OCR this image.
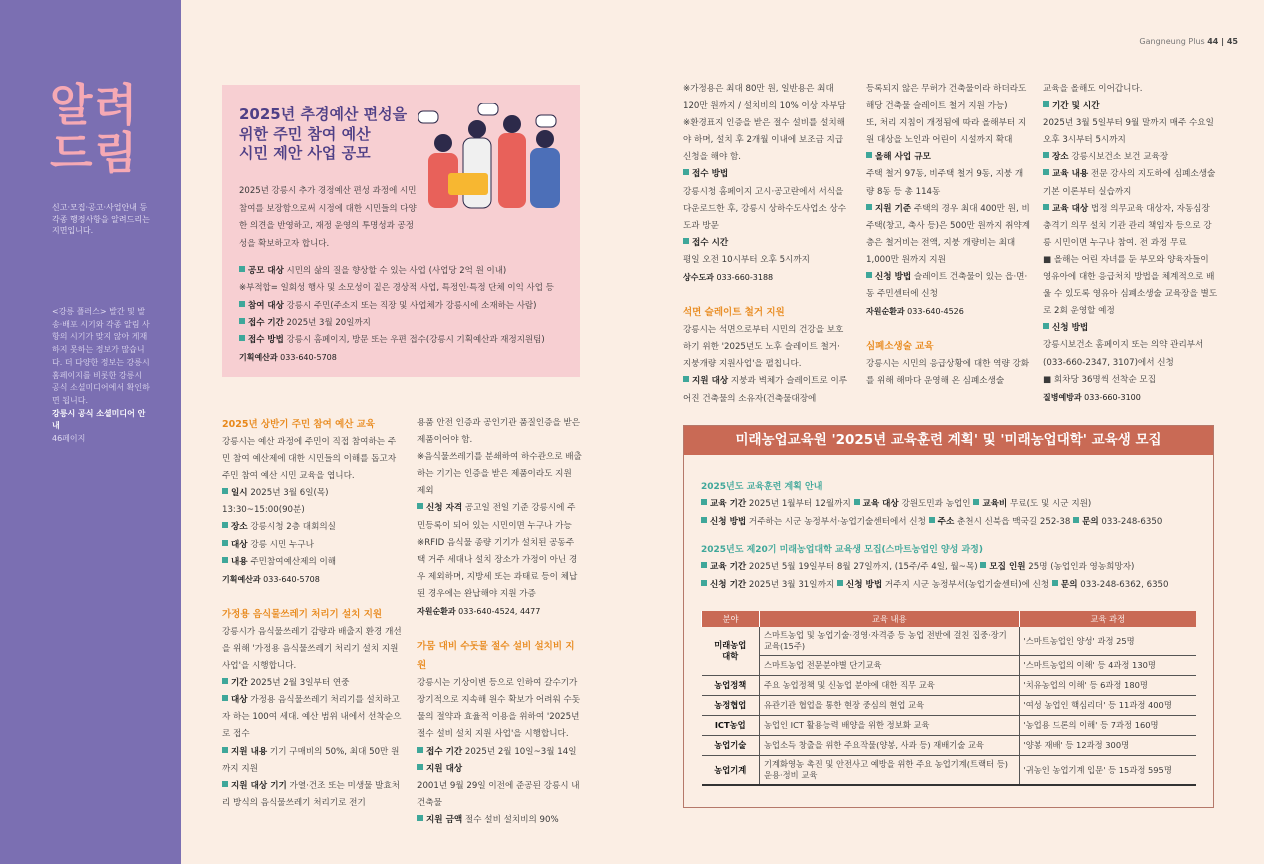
알려
드림
신고·모집·공고·사업안내 등 각종 행정사항을 알려드리는 지면입니다.
<강릉 플러스> 발간 및 발송·배포 시기와 각종 알림 사항의 시기가 맞지 않아 게재하지 못하는 정보가 많습니다. 더 다양한 정보는 강릉시 홈페이지를 비롯한 강릉시 공식 소셜미디어에서 확인하면 됩니다.
강릉시 공식 소셜미디어 안내
46페이지
Gangneung Plus 44 | 45
2025년 추경예산 편성을
위한 주민 참여 예산
시민 제안 사업 공모
2025년 강릉시 추가 경정예산 편성 과정에 시민 참여를 보장함으로써 시정에 대한 시민들의 다양한 의견을 반영하고, 재정 운영의 투명성과 공정성을 확보하고자 합니다.
공모 대상 시민의 삶의 질을 향상할 수 있는 사업 (사업당 2억 원 이내)
※부적합= 일회성 행사 및 소모성이 짙은 경상적 사업, 특정인·특정 단체 이익 사업 등
참여 대상 강릉시 주민(주소지 또는 직장 및 사업체가 강릉시에 소재하는 사람)
접수 기간 2025년 3월 20일까지
접수 방법 강릉시 홈페이지, 방문 또는 우편 접수(강릉시 기획예산과 재정지원팀)
기획예산과 033-640-5708
2025년 상반기 주민 참여 예산 교육

강릉시는 예산 과정에 주민이 직접 참여하는 주민 참여 예산제에 대한 시민들의 이해를 돕고자 주민 참여 예산 시민 교육을 엽니다.

일시 2025년 3월 6일(목) 13:30~15:00(90분)

장소 강릉시청 2층 대회의실

대상 강릉 시민 누구나

내용 주민참여예산제의 이해

기획예산과 033-640-5708

가정용 음식물쓰레기 처리기 설치 지원

강릉시가 음식물쓰레기 감량과 배출지 환경 개선을 위해 '가정용 음식물쓰레기 처리기 설치 지원사업'을 시행합니다.

기간 2025년 2월 3일부터 연중

대상 가정용 음식물쓰레기 처리기를 설치하고자 하는 100여 세대. 예산 범위 내에서 선착순으로 접수

지원 내용 기기 구매비의 50%, 최대 50만 원까지 지원

지원 대상 기기 가열·건조 또는 미생물 발효처리 방식의 음식물쓰레기 처리기로 전기

용품 안전 인증과 공인기관 품질인증을 받은 제품이어야 함.

※음식물쓰레기를 분쇄하여 하수관으로 배출하는 기기는 인증을 받은 제품이라도 지원 제외

신청 자격 공고일 전일 기준 강릉시에 주민등록이 되어 있는 시민이면 누구나 가능

※RFID 음식물 종량 기기가 설치된 공동주택 거주 세대나 설치 장소가 가정이 아닌 경우 제외하며, 지방세 또는 과태료 등이 체납된 경우에는 완납해야 지원 가증

자원순환과 033-640-4524, 4477

가뭄 대비 수돗물 절수 설비 설치비 지원

강릉시는 기상이변 등으로 인하여 갈수기가 장기적으로 지속해 원수 확보가 어려워 수돗물의 절약과 효율적 이용을 위하여 '2025년 절수 설비 설치 지원 사업'을 시행합니다.

접수 기간 2025년 2월 10일~3월 14일

지원 대상

2001년 9월 29일 이전에 준공된 강릉시 내 건축물

지원 금액 절수 설비 설치비의 90%

※가정용은 최대 80만 원, 일반용은 최대 120만 원까지 / 설치비의 10% 이상 자부담

※환경표지 인증을 받은 절수 설비를 설치해야 하며, 설치 후 2개월 이내에 보조금 지급 신청을 해야 함.

접수 방법

강릉시청 홈페이지 고시·공고란에서 서식을 다운로드한 후, 강릉시 상하수도사업소 상수도과 방문

접수 시간

평일 오전 10시부터 오후 5시까지

상수도과 033-660-3188

석면 슬레이트 철거 지원

강릉시는 석면으로부터 시민의 건강을 보호하기 위한 '2025년도 노후 슬레이트 철거·지붕개량 지원사업'을 펼칩니다.

지원 대상 지붕과 벽체가 슬레이트로 이루어진 건축물의 소유자(건축물대장에

등록되지 않은 무허가 건축물이라 하더라도 해당 건축물 슬레이트 철거 지원 가능)

또, 처리 지침이 개정됨에 따라 올해부터 지원 대상을 노인과 어린이 시설까지 확대

올해 사업 규모

주택 철거 97동, 비주택 철거 9동, 지붕 개량 8동 등 총 114동

지원 기준 주택의 경우 최대 400만 원, 비주택(창고, 축사 등)은 500만 원까지 취약계층은 철거비는 전액, 지붕 개량비는 최대 1,000만 원까지 지원

신청 방법 슬레이트 건축물이 있는 읍·면·동 주민센터에 신청

자원순환과 033-640-4526

심폐소생술 교육

강릉시는 시민의 응급상황에 대한 역량 강화를 위해 해마다 운영해 온 심폐소생술

교육을 올해도 이어갑니다.

기간 및 시간

2025년 3월 5일부터 9월 말까지 매주 수요일 오후 3시부터 5시까지

장소 강릉시보건소 보건 교육장

교육 내용 전문 강사의 지도하에 심폐소생술 기본 이론부터 실습까지

교육 대상 법정 의무교육 대상자, 자동심장충격기 의무 설치 기관 관리 책임자 등으로 강릉 시민이면 누구나 참여. 전 과정 무료

■ 올해는 어린 자녀를 둔 부모와 양육자들이 영유아에 대한 응급처치 방법을 체계적으로 배울 수 있도록 영유아 심폐소생술 교육장을 별도로 2회 운영할 예정

신청 방법

강릉시보건소 홈페이지 또는 의약 관리부서(033-660-2347, 3107)에서 신청

■ 회차당 36명씩 선착순 모집

질병예방과 033-660-3100

미래농업교육원 '2025년 교육훈련 계획' 및 '미래농업대학' 교육생 모집
2025년도 교육훈련 계획 안내
교육 기간 2025년 1월부터 12월까지 교육 대상 강원도민과 농업인 교육비 무료(도 및 시군 지원)
신청 방법 거주하는 시군 농정부서·농업기술센터에서 신청 주소 춘천시 신북읍 맥국길 252-38 문의 033-248-6350
2025년도 제20기 미래농업대학 교육생 모집(스마트농업인 양성 과정)
교육 기간 2025년 5월 19일부터 8월 27일까지, (15주/주 4일, 월~목) 모집 인원 25명 (농업인과 영농희망자)
신청 기간 2025년 3월 31일까지 신청 방법 거주지 시군 농정부서(농업기술센터)에 신청 문의 033-248-6362, 6350
분야	교육 내용	교육 과정
미래농업
대학	스마트농업 및 농업기술·경영·자격증 등 농업 전반에 걸친 집중·장기교육(15주)	'스마트농업인 양성' 과정 25명
	스마트농업 전문분야별 단기교육	'스마트농업의 이해' 등 4과정 130명
농업정책	주요 농업정책 및 신농업 분야에 대한 직무 교육	'치유농업의 이해' 등 6과정 180명
농정협업	유관기관 협업을 통한 현장 중심의 현업 교육	'여성 농업인 핵심리더' 등 11과정 400명
ICT농업	농업인 ICT 활용능력 배양을 위한 정보화 교육	'농업용 드론의 이해' 등 7과정 160명
농업기술	농업소득 창출을 위한 주요작물(양봉, 사과 등) 재배기술 교육	'양봉 재배' 등 12과정 300명
농업기계	기계화영농 촉진 및 안전사고 예방을 위한 주요 농업기계(트랙터 등) 운용·정비 교육	'귀농인 농업기계 입문' 등 15과정 595명
